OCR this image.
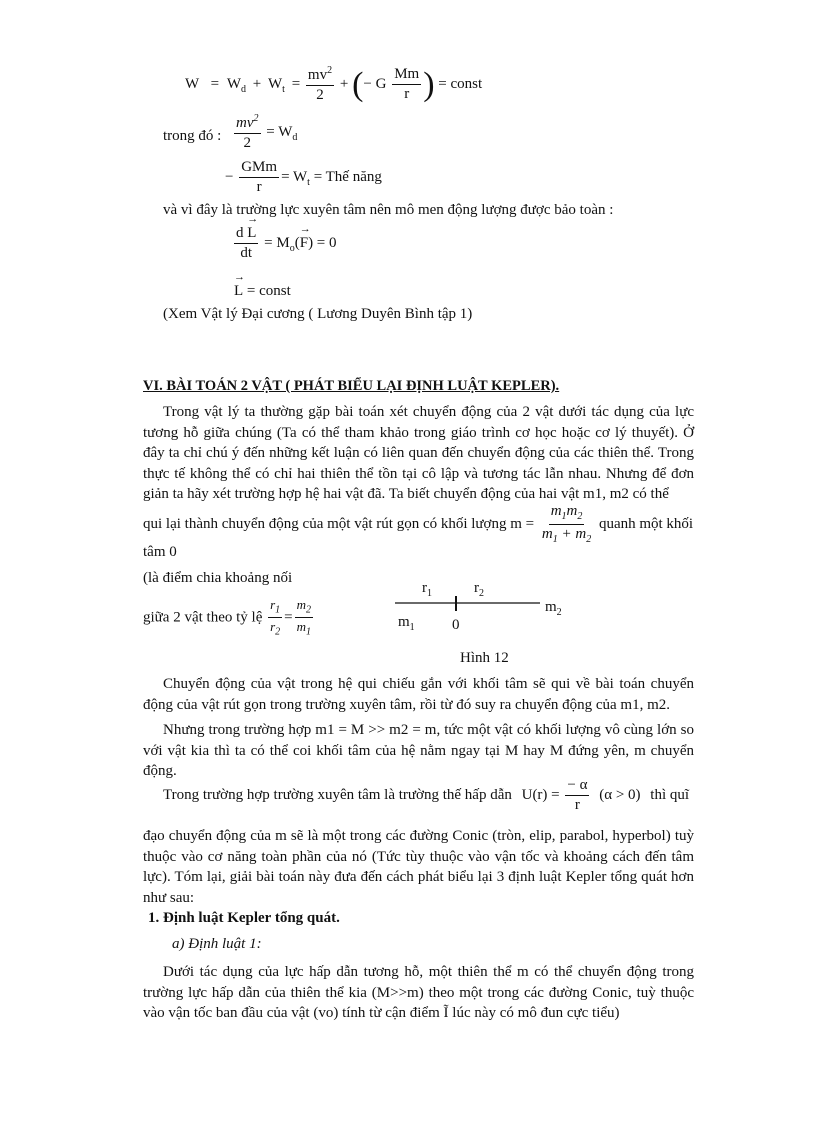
$W = W_d + W_t = \frac{mv^2}{2}$ + (− G $\frac{Mm}{r}$ ) = const
trong đó : $\frac{mv^2}{2} = W_d$
− $\frac{\text{GMm}}{r} = W_t$ = Thế năng
và vì đây là trường lực xuyên tâm nên mô men động lượng được bảo toàn :
$\frac{d \to L}{dt} = M_o(\to F) = 0$
→ L = const
(Xem Vật lý Đại cương ( Lương Duyên Bình tập 1)
VI. BÀI TOÁN 2 VẬT ( PHÁT BIỂU LẠI ĐỊNH LUẬT KEPLER).
Trong vật lý ta thường gặp bài toán xét chuyển động của 2 vật dưới tác dụng của lực tương hỗ giữa chúng (Ta có thể tham khảo trong giáo trình cơ học hoặc cơ lý thuyết). Ở đây ta chỉ chú ý đến những kết luận có liên quan đến chuyển động của các thiên thể. Trong thực tế không thể có chỉ hai thiên thể tồn tại cô lập và tương tác lẫn nhau. Nhưng để đơn giản ta hãy xét trường hợp hệ hai vật đã. Ta biết chuyển động của hai vật m1, m2 có thể
qui lại thành chuyển động của một vật rút gọn có khối lượng $m = \frac{m_1m_2}{m_1 + m_2}$ quanh một khối
tâm 0
(là điểm chia khoảng nối
giữa 2 vật theo tỷ lệ $\frac{r_1}{r_2} = \frac{m_2}{m_1}$
$r_1$	$r_2$
$m_2$
$m_1$ 0
Hình 12
Chuyển động của vật trong hệ qui chiếu gắn với khối tâm sẽ qui về bài toán chuyển động của vật rút gọn trong trường xuyên tâm, rồi từ đó suy ra chuyển động của m1, m2.
Nhưng trong trường hợp m1 = M >> m2 = m, tức một vật có khối lượng vô cùng lớn so với vật kia thì ta có thể coi khối tâm của hệ nằm ngay tại M hay M đứng yên, m chuyển động.
Trong trường hợp trường xuyên tâm là trường thế hấp dẫn $U(r) = \frac{- \alpha}{r} (\alpha > 0)$ thì quĩ
đạo chuyển động của m sẽ là một trong các đường Conic (tròn, elip, parabol, hyperbol) tuỳ thuộc vào cơ năng toàn phần của nó (Tức tùy thuộc vào vận tốc và khoảng cách đến tâm lực). Tóm lại, giải bài toán này đưa đến cách phát biểu lại 3 định luật Kepler tổng quát hơn như sau:
1. Định luật Kepler tổng quát.
a) Định luật 1:
Dưới tác dụng của lực hấp dẫn tương hỗ, một thiên thể m có thể chuyển động trong trường lực hấp dẫn của thiên thể kia (M>>m) theo một trong các đường Conic, tuỳ thuộc vào vận tốc ban đầu của vật (vo) tính từ cận điểm Ĩ lúc này có mô đun cực tiểu)
